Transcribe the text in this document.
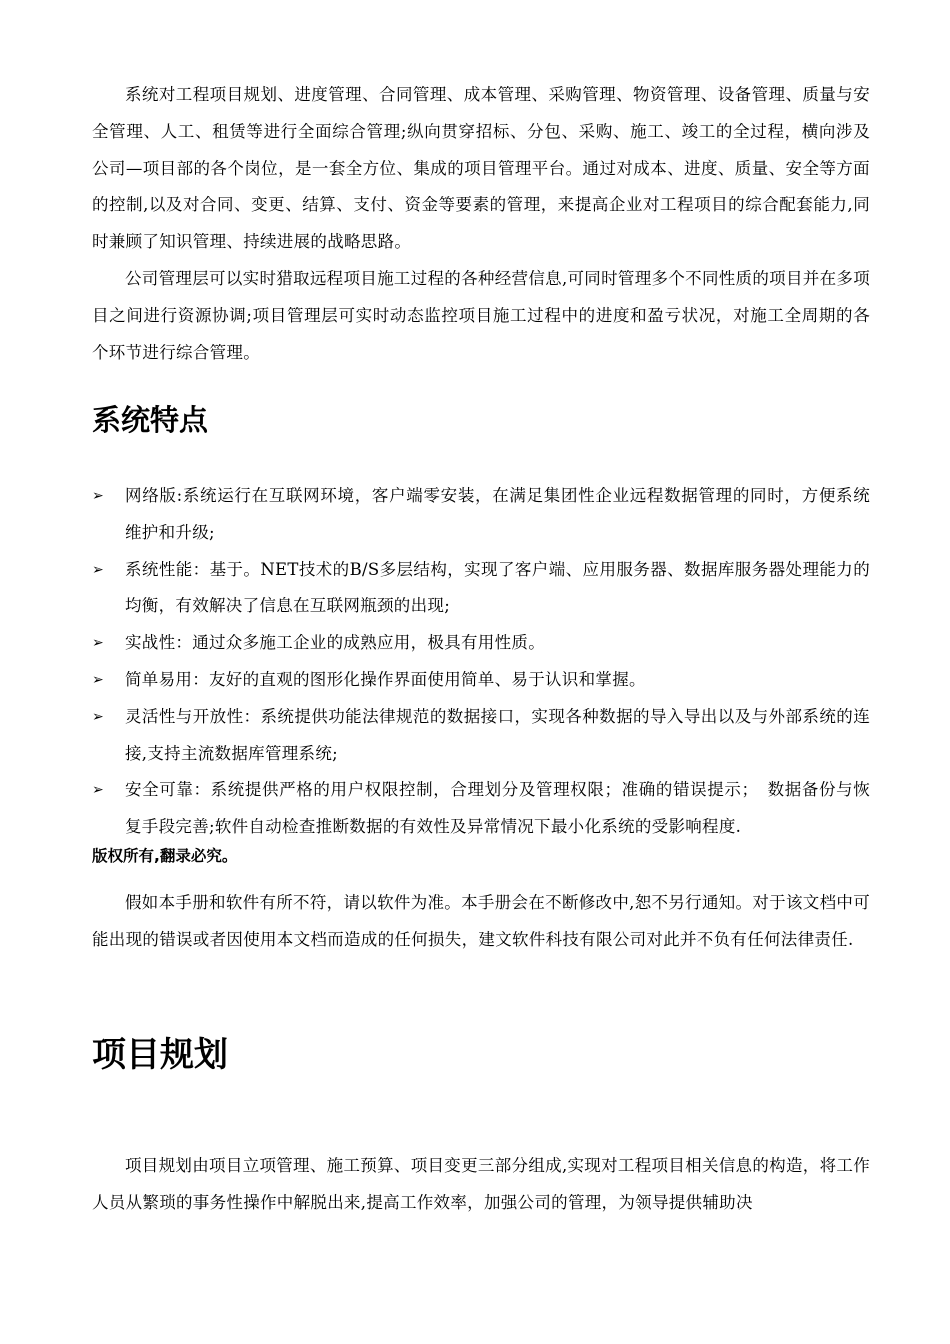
系统对工程项目规划、进度管理、合同管理、成本管理、采购管理、物资管理、设备管理、质量与安全管理、人工、租赁等进行全面综合管理;纵向贯穿招标、分包、采购、施工、竣工的全过程，横向涉及公司—项目部的各个岗位，是一套全方位、集成的项目管理平台。通过对成本、进度、质量、安全等方面的控制,以及对合同、变更、结算、支付、资金等要素的管理，来提高企业对工程项目的综合配套能力,同时兼顾了知识管理、持续进展的战略思路。

公司管理层可以实时猎取远程项目施工过程的各种经营信息,可同时管理多个不同性质的项目并在多项目之间进行资源协调;项目管理层可实时动态监控项目施工过程中的进度和盈亏状况，对施工全周期的各个环节进行综合管理。

系统特点
➢ 网络版:系统运行在互联网环境，客户端零安装，在满足集团性企业远程数据管理的同时，方便系统维护和升级;
➢ 系统性能：基于。NET技术的B/S多层结构，实现了客户端、应用服务器、数据库服务器处理能力的均衡，有效解决了信息在互联网瓶颈的出现;
➢ 实战性：通过众多施工企业的成熟应用，极具有用性质。
➢ 简单易用：友好的直观的图形化操作界面使用简单、易于认识和掌握。
➢ 灵活性与开放性：系统提供功能法律规范的数据接口，实现各种数据的导入导出以及与外部系统的连接,支持主流数据库管理系统;
➢ 安全可靠：系统提供严格的用户权限控制，合理划分及管理权限；准确的错误提示；　数据备份与恢复手段完善;软件自动检查推断数据的有效性及异常情况下最小化系统的受影响程度.

版权所有,翻录必究。

假如本手册和软件有所不符，请以软件为准。本手册会在不断修改中,恕不另行通知。对于该文档中可能出现的错误或者因使用本文档而造成的任何损失，建文软件科技有限公司对此并不负有任何法律责任.

项目规划

项目规划由项目立项管理、施工预算、项目变更三部分组成,实现对工程项目相关信息的构造，将工作人员从繁琐的事务性操作中解脱出来,提高工作效率，加强公司的管理，为领导提供辅助决
